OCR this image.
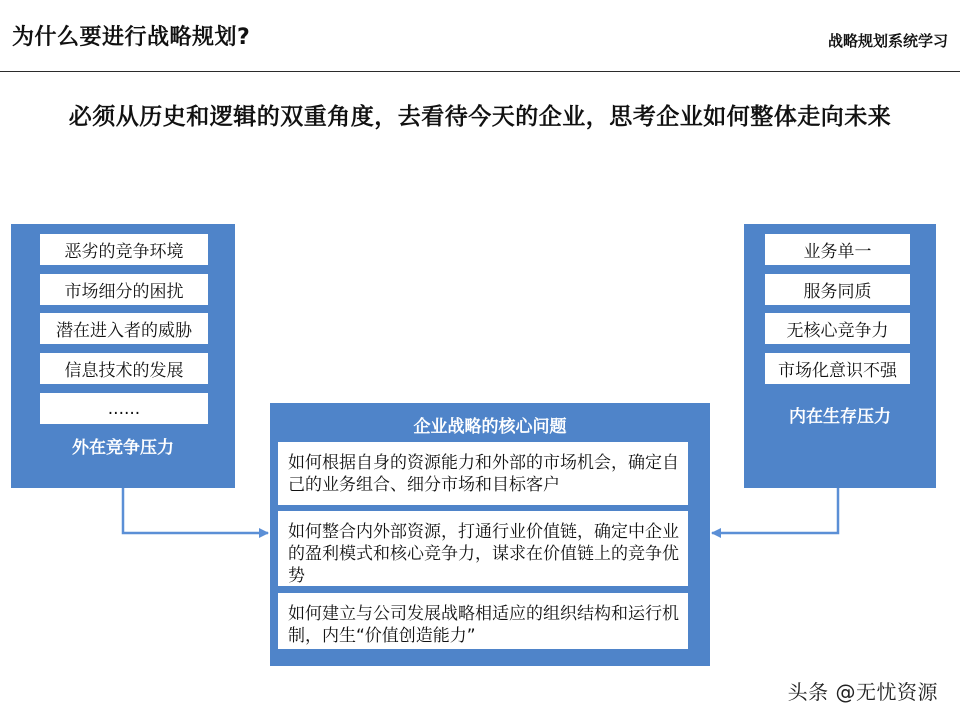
为什么要进行战略规划?	战略规划系统学习
必须从历史和逻辑的双重角度，去看待今天的企业，思考企业如何整体走向未来
恶劣的竞争环境
市场细分的困扰
潜在进入者的威胁
信息技术的发展
......
外在竞争压力
业务单一
服务同质
无核心竞争力
市场化意识不强
内在生存压力
企业战略的核心问题
如何根据自身的资源能力和外部的市场机会，确定自己的业务组合、细分市场和目标客户
如何整合内外部资源，打通行业价值链，确定中企业的盈利模式和核心竞争力，谋求在价值链上的竞争优势
如何建立与公司发展战略相适应的组织结构和运行机制，内生“价值创造能力”
头条 @无忧资源
